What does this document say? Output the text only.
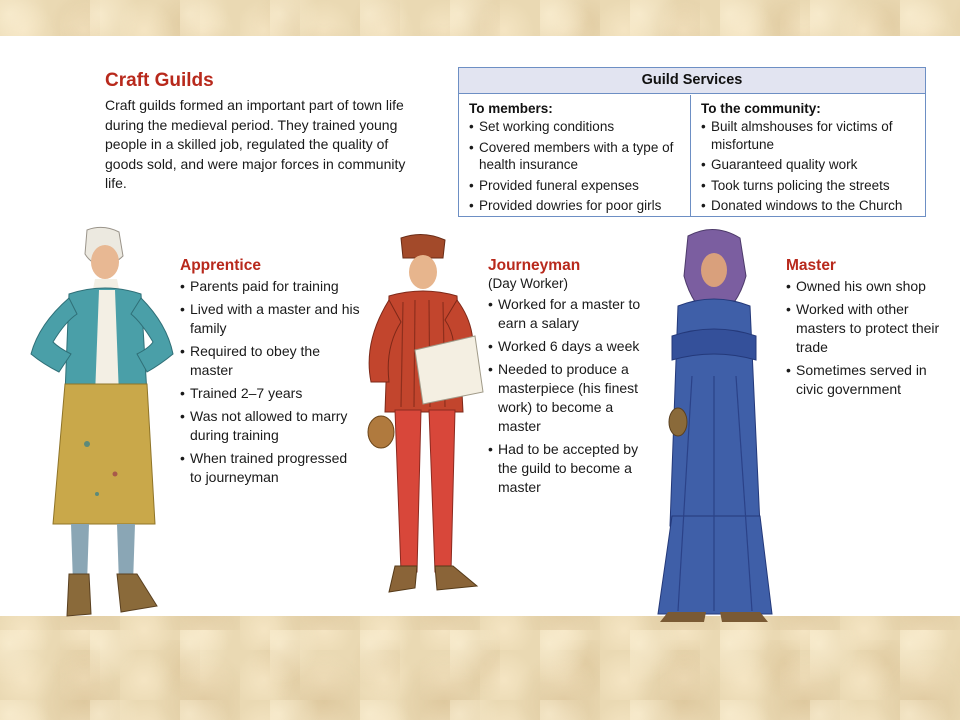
Craft Guilds
Craft guilds formed an important part of town life during the medieval period. They trained young people in a skilled job, regulated the quality of goods sold, and were major forces in community life.
Guild Services
To members:
• Set working conditions
• Covered members with a type of health insurance
• Provided funeral expenses
• Provided dowries for poor girls
To the community:
• Built almshouses for victims of misfortune
• Guaranteed quality work
• Took turns policing the streets
• Donated windows to the Church
Apprentice
• Parents paid for training
• Lived with a master and his family
• Required to obey the master
• Trained 2–7 years
• Was not allowed to marry during training
• When trained progressed to journeyman
Journeyman
(Day Worker)
• Worked for a master to earn a salary
• Worked 6 days a week
• Needed to produce a masterpiece (his finest work) to become a master
• Had to be accepted by the guild to become a master
Master
• Owned his own shop
• Worked with other masters to protect their trade
• Sometimes served in civic government
